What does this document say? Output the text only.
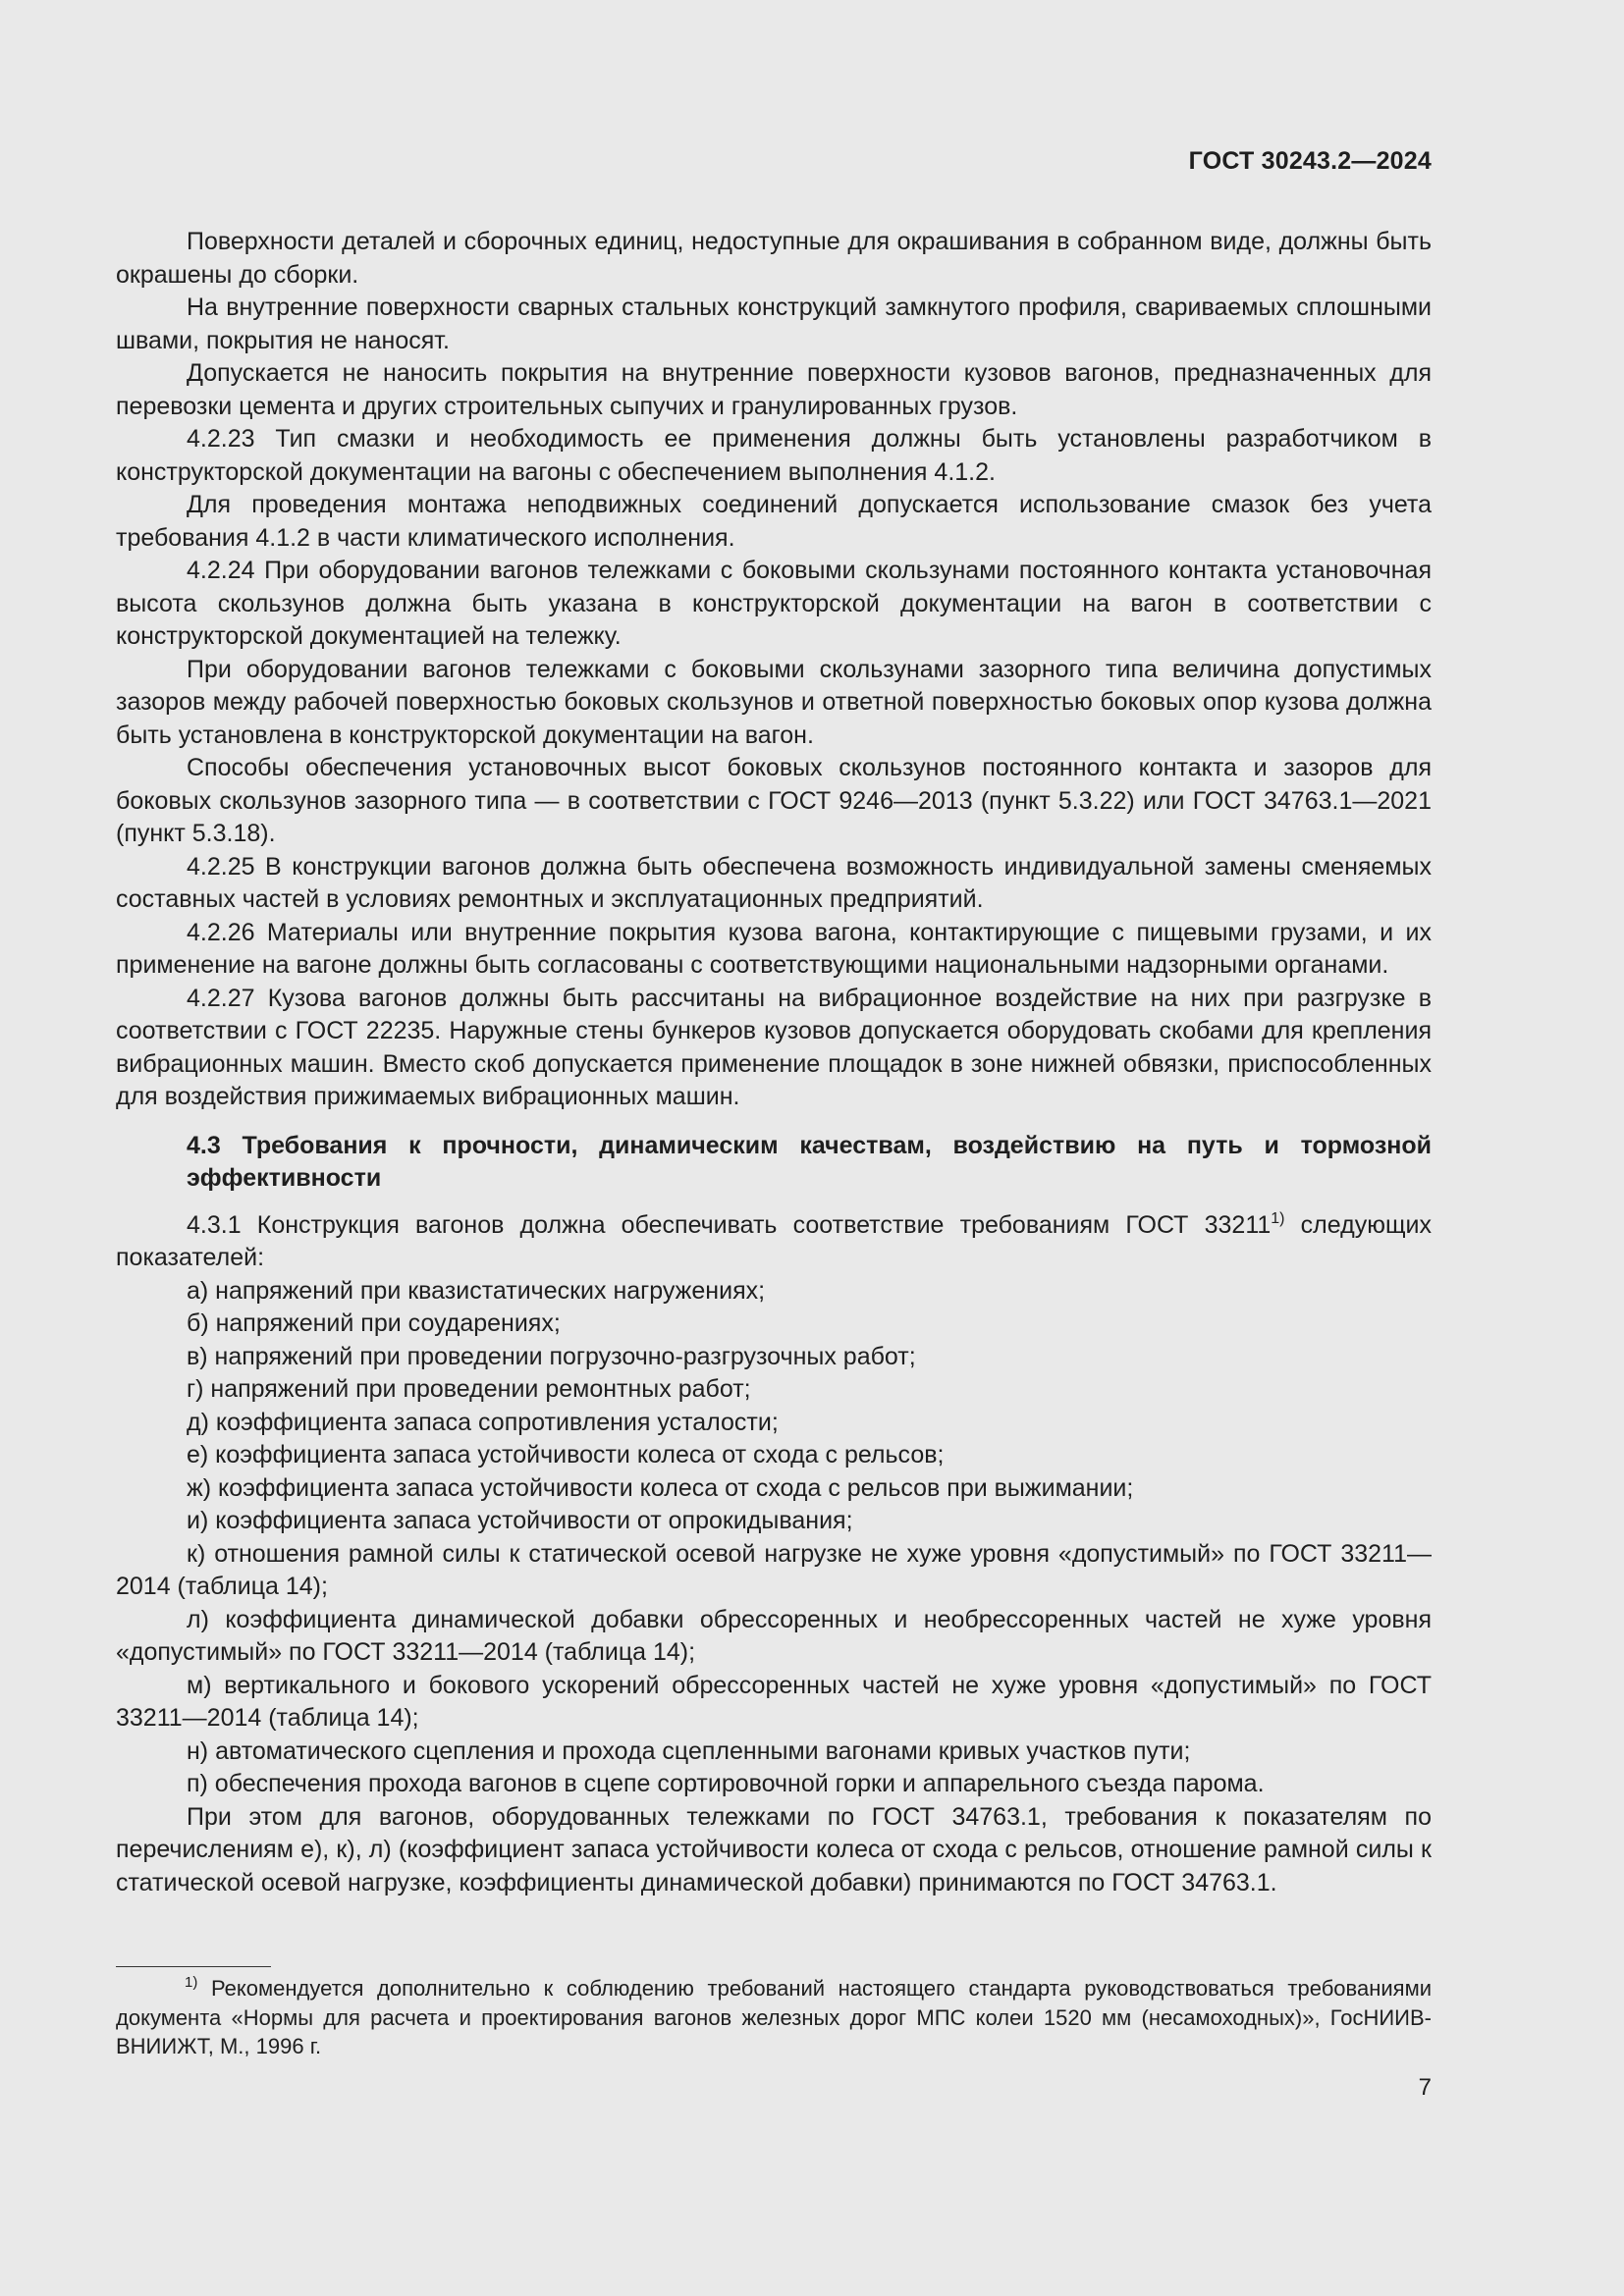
ГОСТ 30243.2—2024

Поверхности деталей и сборочных единиц, недоступные для окрашивания в собранном виде, должны быть окрашены до сборки.

На внутренние поверхности сварных стальных конструкций замкнутого профиля, свариваемых сплошными швами, покрытия не наносят.

Допускается не наносить покрытия на внутренние поверхности кузовов вагонов, предназначенных для перевозки цемента и других строительных сыпучих и гранулированных грузов.

4.2.23 Тип смазки и необходимость ее применения должны быть установлены разработчиком в конструкторской документации на вагоны с обеспечением выполнения 4.1.2.

Для проведения монтажа неподвижных соединений допускается использование смазок без учета требования 4.1.2 в части климатического исполнения.

4.2.24 При оборудовании вагонов тележками с боковыми скользунами постоянного контакта установочная высота скользунов должна быть указана в конструкторской документации на вагон в соответствии с конструкторской документацией на тележку.

При оборудовании вагонов тележками с боковыми скользунами зазорного типа величина допустимых зазоров между рабочей поверхностью боковых скользунов и ответной поверхностью боковых опор кузова должна быть установлена в конструкторской документации на вагон.

Способы обеспечения установочных высот боковых скользунов постоянного контакта и зазоров для боковых скользунов зазорного типа — в соответствии с ГОСТ 9246—2013 (пункт 5.3.22) или ГОСТ 34763.1—2021 (пункт 5.3.18).

4.2.25 В конструкции вагонов должна быть обеспечена возможность индивидуальной замены сменяемых составных частей в условиях ремонтных и эксплуатационных предприятий.

4.2.26 Материалы или внутренние покрытия кузова вагона, контактирующие с пищевыми грузами, и их применение на вагоне должны быть согласованы с соответствующими национальными надзорными органами.

4.2.27 Кузова вагонов должны быть рассчитаны на вибрационное воздействие на них при разгрузке в соответствии с ГОСТ 22235. Наружные стены бункеров кузовов допускается оборудовать скобами для крепления вибрационных машин. Вместо скоб допускается применение площадок в зоне нижней обвязки, приспособленных для воздействия прижимаемых вибрационных машин.

4.3 Требования к прочности, динамическим качествам, воздействию на путь и тормозной эффективности

4.3.1 Конструкция вагонов должна обеспечивать соответствие требованиям ГОСТ 33211$^{1)}$ следующих показателей:

а) напряжений при квазистатических нагружениях;

б) напряжений при соударениях;

в) напряжений при проведении погрузочно-разгрузочных работ;

г) напряжений при проведении ремонтных работ;

д) коэффициента запаса сопротивления усталости;

е) коэффициента запаса устойчивости колеса от схода с рельсов;

ж) коэффициента запаса устойчивости колеса от схода с рельсов при выжимании;

и) коэффициента запаса устойчивости от опрокидывания;

к) отношения рамной силы к статической осевой нагрузке не хуже уровня «допустимый» по ГОСТ 33211—2014 (таблица 14);

л) коэффициента динамической добавки обрессоренных и необрессоренных частей не хуже уровня «допустимый» по ГОСТ 33211—2014 (таблица 14);

м) вертикального и бокового ускорений обрессоренных частей не хуже уровня «допустимый» по ГОСТ 33211—2014 (таблица 14);

н) автоматического сцепления и прохода сцепленными вагонами кривых участков пути;

п) обеспечения прохода вагонов в сцепе сортировочной горки и аппарельного съезда парома.

При этом для вагонов, оборудованных тележками по ГОСТ 34763.1, требования к показателям по перечислениям е), к), л) (коэффициент запаса устойчивости колеса от схода с рельсов, отношение рамной силы к статической осевой нагрузке, коэффициенты динамической добавки) принимаются по ГОСТ 34763.1.

$^{1)}$ Рекомендуется дополнительно к соблюдению требований настоящего стандарта руководствоваться требованиями документа «Нормы для расчета и проектирования вагонов железных дорог МПС колеи 1520 мм (несамоходных)», ГосНИИВ-ВНИИЖТ, М., 1996 г.

7
